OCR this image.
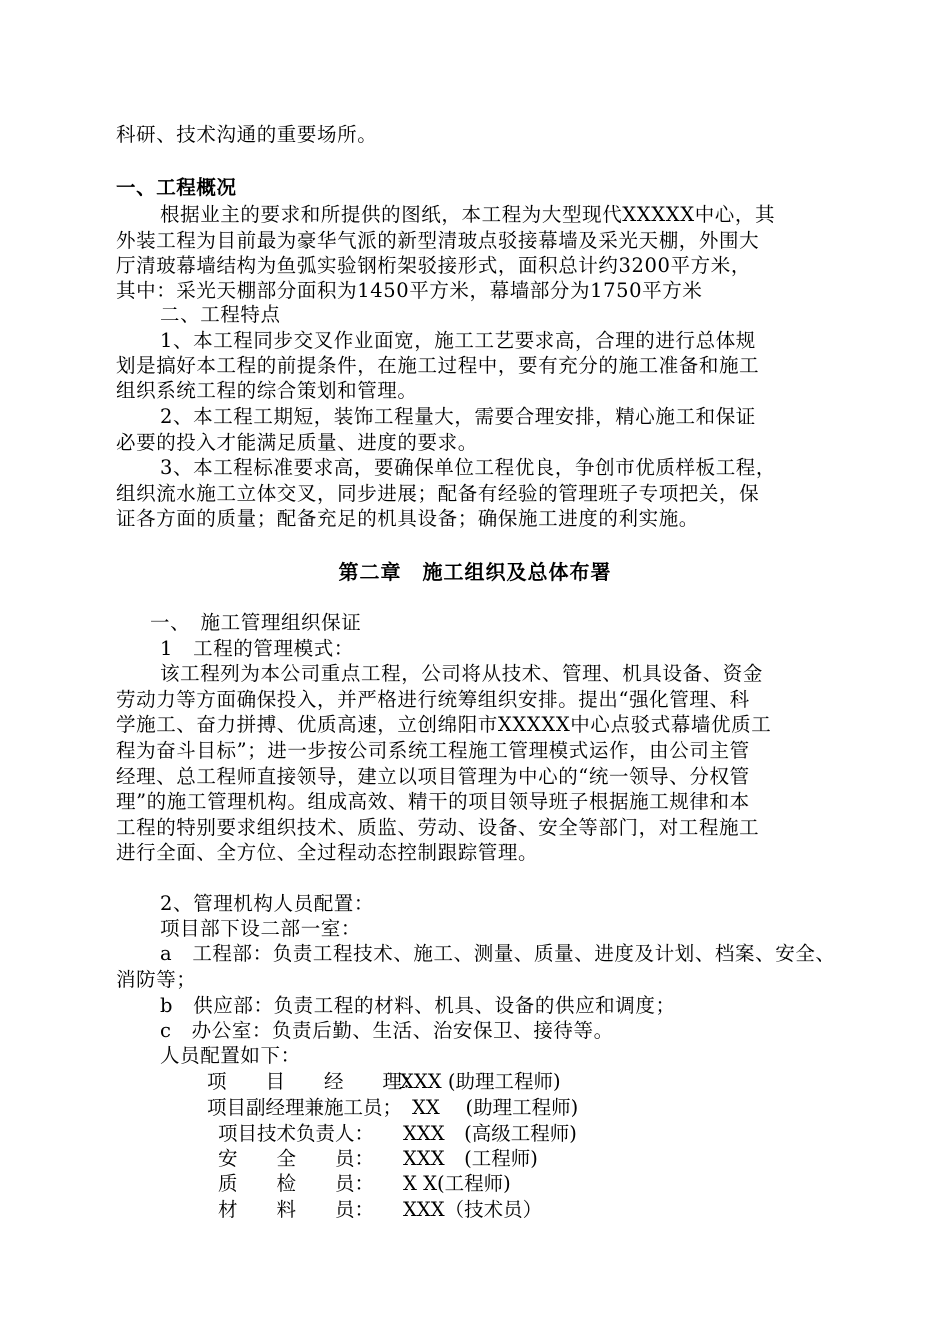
科研、技术沟通的重要场所。
一、工程概况
根据业主的要求和所提供的图纸，本工程为大型现代XXXXX中心，其
外装工程为目前最为豪华气派的新型清玻点驳接幕墙及采光天棚，外围大
厅清玻幕墙结构为鱼弧实验钢桁架驳接形式，面积总计约3200平方米，
其中：采光天棚部分面积为1450平方米，幕墙部分为1750平方米
二、工程特点
1、本工程同步交叉作业面宽，施工工艺要求高，合理的进行总体规
划是搞好本工程的前提条件，在施工过程中，要有充分的施工准备和施工
组织系统工程的综合策划和管理。
2、本工程工期短，装饰工程量大，需要合理安排，精心施工和保证
必要的投入才能满足质量、进度的要求。
3、本工程标准要求高，要确保单位工程优良，争创市优质样板工程，
组织流水施工立体交叉，同步进展；配备有经验的管理班子专项把关，保
证各方面的质量；配备充足的机具设备；确保施工进度的利实施。
第二章　施工组织及总体布署
一、　施工管理组织保证
1　工程的管理模式：
该工程列为本公司重点工程，公司将从技术、管理、机具设备、资金
劳动力等方面确保投入，并严格进行统筹组织安排。提出“强化管理、科
学施工、奋力拼搏、优质高速，立创绵阳市XXXXX中心点驳式幕墙优质工
程为奋斗目标”；进一步按公司系统工程施工管理模式运作，由公司主管
经理、总工程师直接领导，建立以项目管理为中心的“统一领导、分权管
理”的施工管理机构。组成高效、精干的项目领导班子根据施工规律和本
工程的特别要求组织技术、质监、劳动、设备、安全等部门，对工程施工
进行全面、全方位、全过程动态控制跟踪管理。
2、管理机构人员配置：
项目部下设二部一室：
a　工程部：负责工程技术、施工、测量、质量、进度及计划、档案、安全、
消防等；
b　供应部：负责工程的材料、机具、设备的供应和调度；
c　办公室：负责后勤、生活、治安保卫、接待等。
人员配置如下：
项　　目　　经　　理：
XXX (助理工程师)
项目副经理兼施工员； XX　 (助理工程师)
项目技术负责人： XXX　(高级工程师)
安　　全　　员： XXX　(工程师)
质　　检　　员： X X(工程师)
材　　料　　员： XXX（技术员）
